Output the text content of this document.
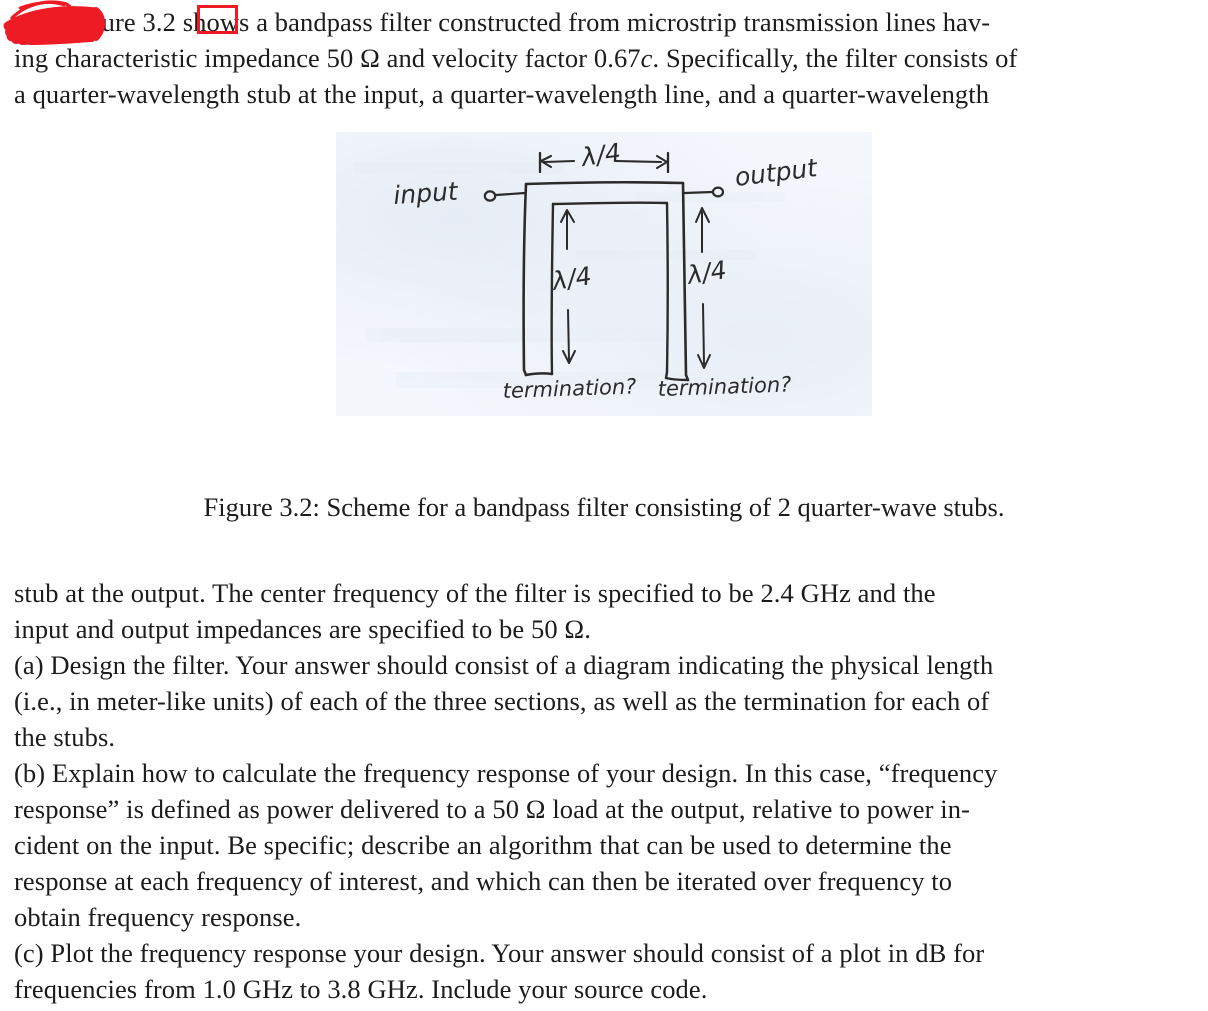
Figure 3.2 shows a bandpass filter constructed from microstrip transmission lines hav-
ing characteristic impedance 50 Ω and velocity factor 0.67c. Specifically, the filter consists of
a quarter-wavelength stub at the input, a quarter-wavelength line, and a quarter-wavelength
input
output
λ/4
λ/4	λ/4
termination? termination?
Figure 3.2: Scheme for a bandpass filter consisting of 2 quarter-wave stubs.
stub at the output. The center frequency of the filter is specified to be 2.4 GHz and the
input and output impedances are specified to be 50 Ω.
(a) Design the filter. Your answer should consist of a diagram indicating the physical length
(i.e., in meter-like units) of each of the three sections, as well as the termination for each of
the stubs.
(b) Explain how to calculate the frequency response of your design. In this case, “frequency
response” is defined as power delivered to a 50 Ω load at the output, relative to power in-
cident on the input. Be specific; describe an algorithm that can be used to determine the
response at each frequency of interest, and which can then be iterated over frequency to
obtain frequency response.
(c) Plot the frequency response your design. Your answer should consist of a plot in dB for
frequencies from 1.0 GHz to 3.8 GHz. Include your source code.
